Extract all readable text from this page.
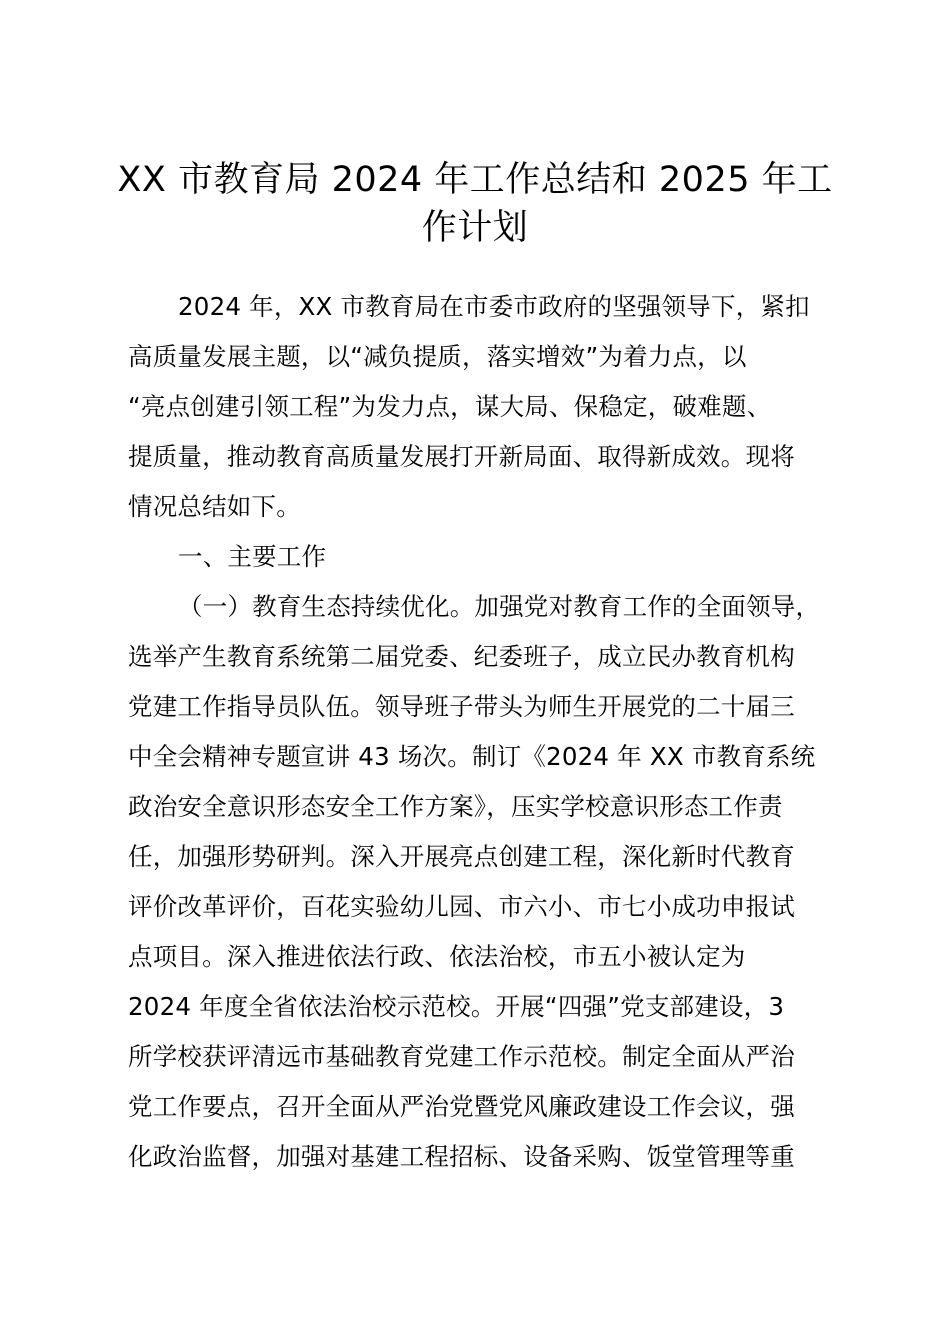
XX 市教育局 2024 年工作总结和 2025 年工
作计划
2024 年，XX 市教育局在市委市政府的坚强领导下，紧扣
高质量发展主题，以“减负提质，落实增效”为着力点，以
“亮点创建引领工程”为发力点，谋大局、保稳定，破难题、
提质量，推动教育高质量发展打开新局面、取得新成效。现将
情况总结如下。
一、主要工作
（一）教育生态持续优化。加强党对教育工作的全面领导，
选举产生教育系统第二届党委、纪委班子，成立民办教育机构
党建工作指导员队伍。领导班子带头为师生开展党的二十届三
中全会精神专题宣讲 43 场次。制订《2024 年 XX 市教育系统
政治安全意识形态安全工作方案》，压实学校意识形态工作责
任，加强形势研判。深入开展亮点创建工程，深化新时代教育
评价改革评价，百花实验幼儿园、市六小、市七小成功申报试
点项目。深入推进依法行政、依法治校，市五小被认定为
2024 年度全省依法治校示范校。开展“四强”党支部建设，3
所学校获评清远市基础教育党建工作示范校。制定全面从严治
党工作要点，召开全面从严治党暨党风廉政建设工作会议，强
化政治监督，加强对基建工程招标、设备采购、饭堂管理等重
